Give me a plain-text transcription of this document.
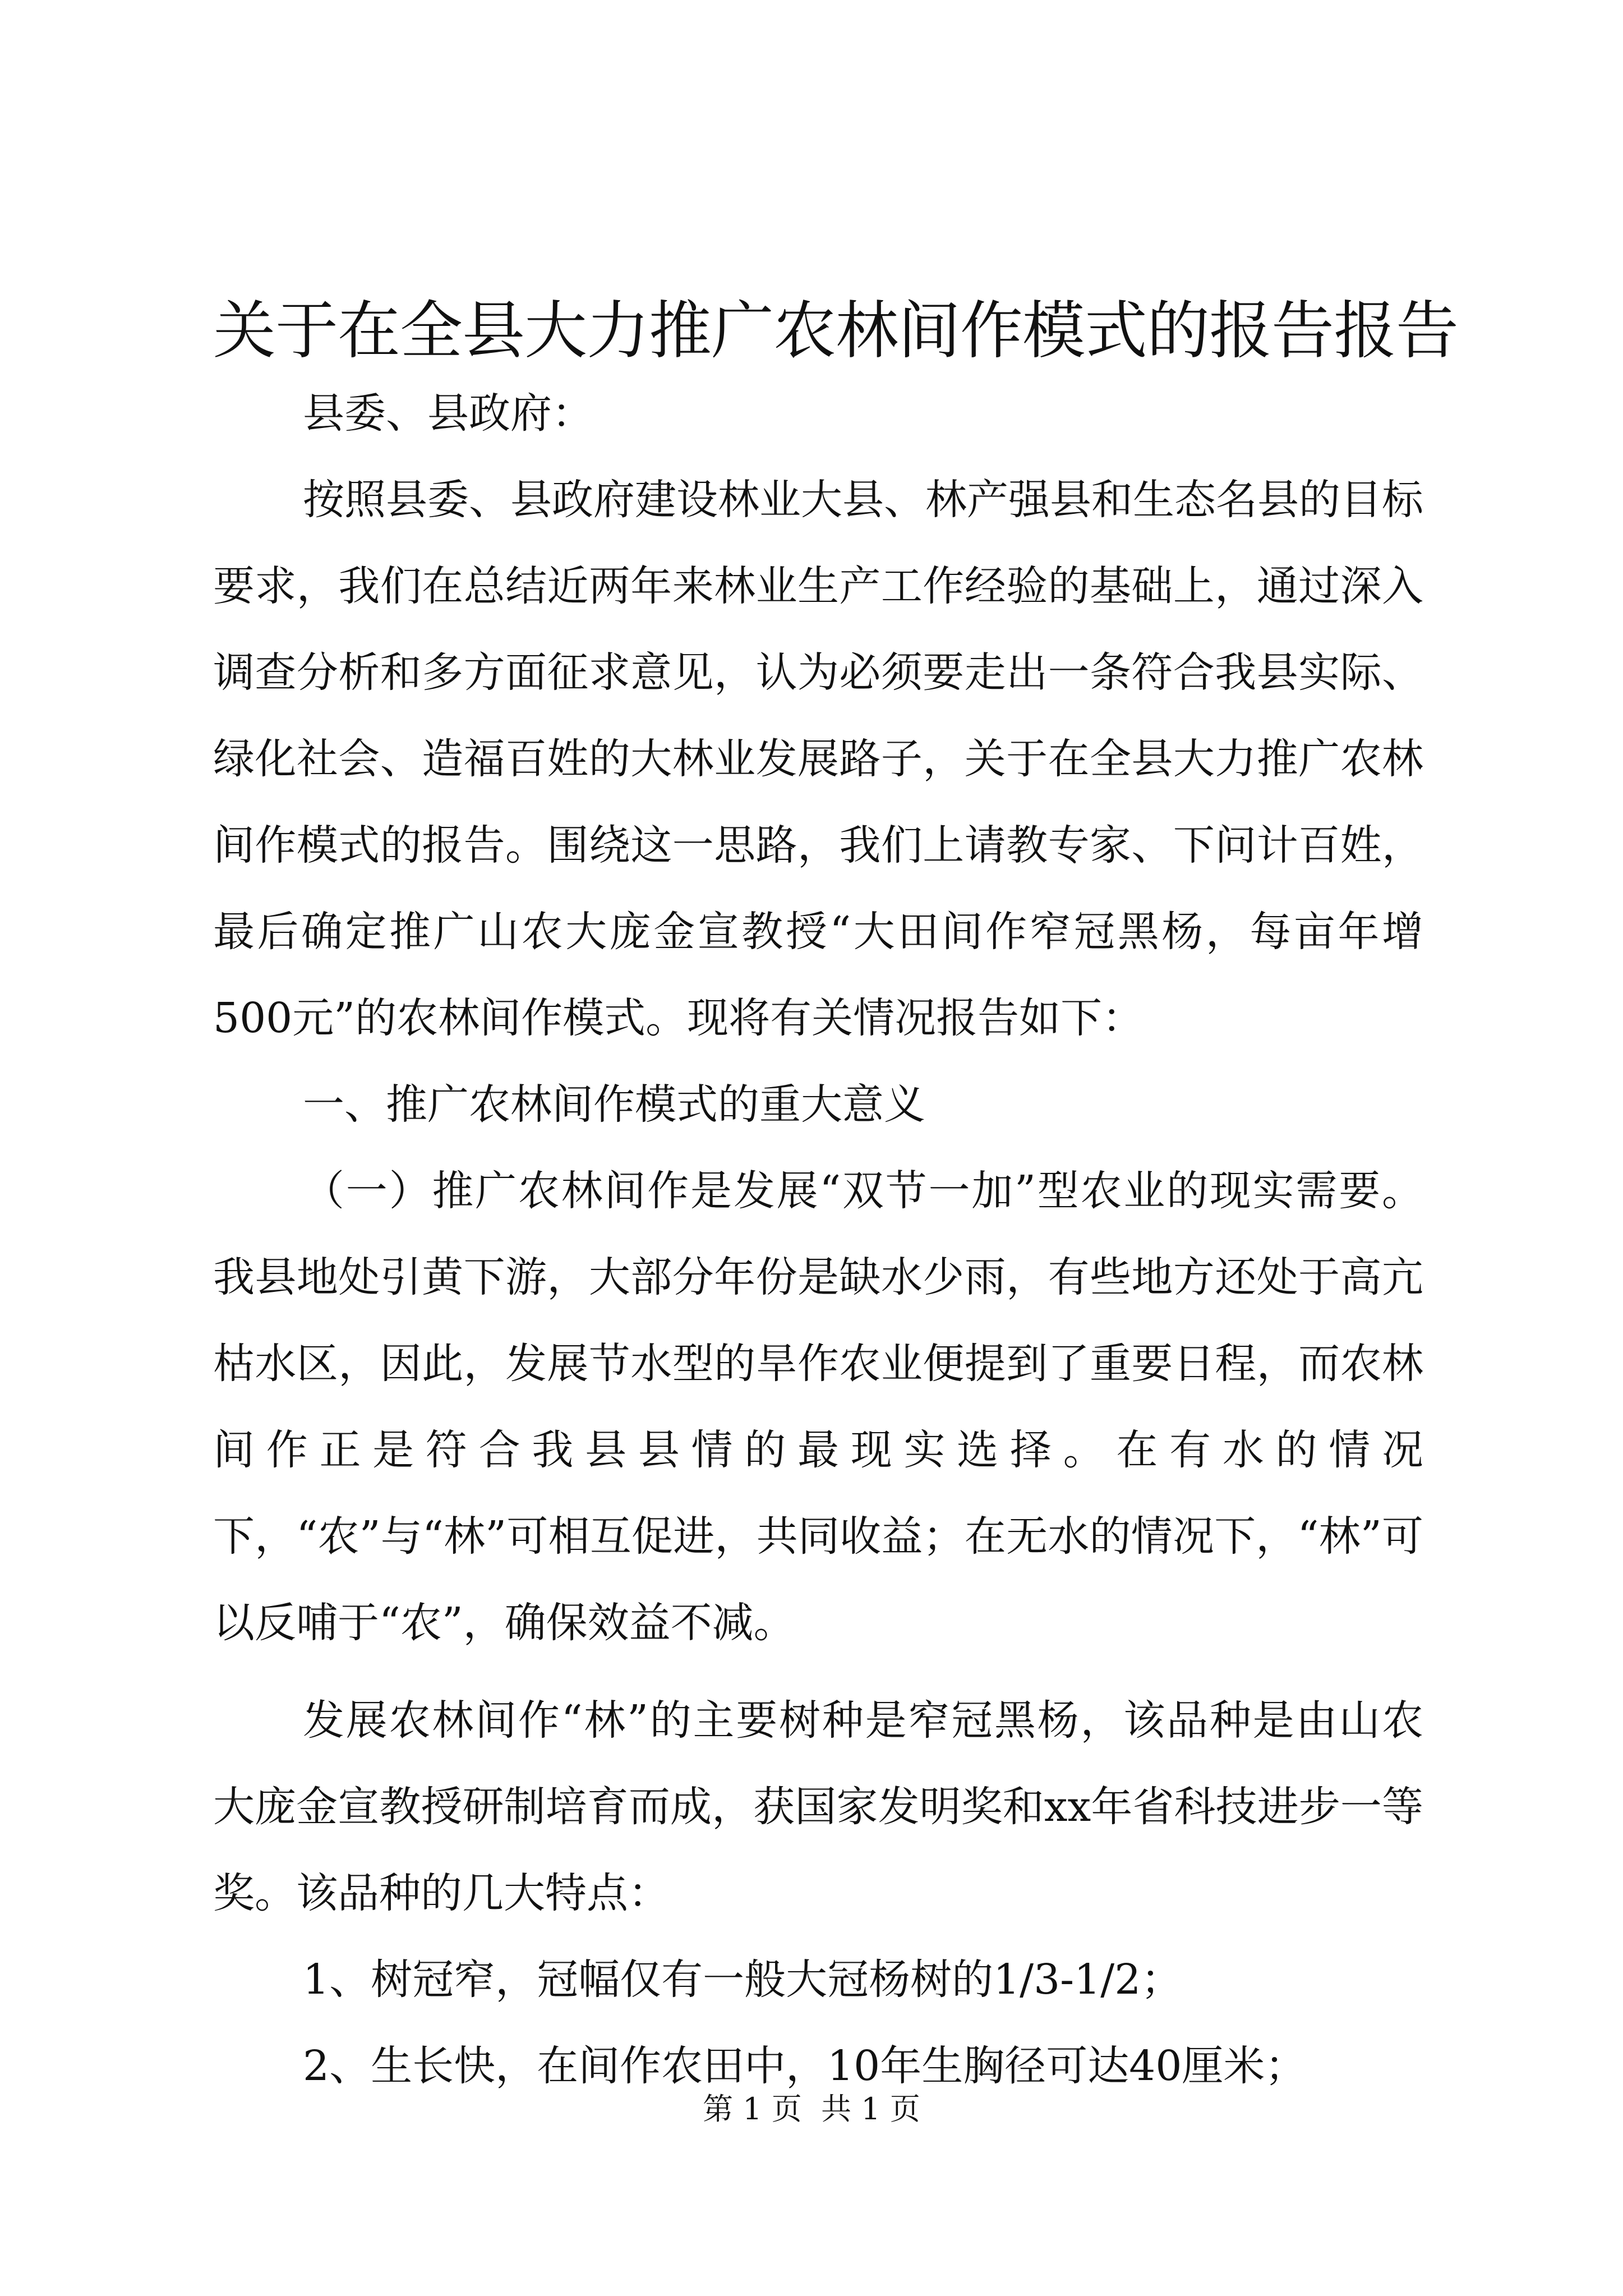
关于在全县大力推广农林间作模式的报告报告

县委、县政府：

按照县委、县政府建设林业大县、林产强县和生态名县的目标要求，我们在总结近两年来林业生产工作经验的基础上，通过深入调查分析和多方面征求意见，认为必须要走出一条符合我县实际、绿化社会、造福百姓的大林业发展路子，关于在全县大力推广农林间作模式的报告。围绕这一思路，我们上请教专家、下问计百姓，最后确定推广山农大庞金宣教授“大田间作窄冠黑杨，每亩年增500元”的农林间作模式。现将有关情况报告如下：

一、推广农林间作模式的重大意义

（一）推广农林间作是发展“双节一加”型农业的现实需要。我县地处引黄下游，大部分年份是缺水少雨，有些地方还处于高亢枯水区，因此，发展节水型的旱作农业便提到了重要日程，而农林间作正是符合我县县情的最现实选择。在有水的情况下，“农”与“林”可相互促进，共同收益；在无水的情况下，“林”可以反哺于“农”，确保效益不减。

发展农林间作“林”的主要树种是窄冠黑杨，该品种是由山农大庞金宣教授研制培育而成，获国家发明奖和xx年省科技进步一等奖。该品种的几大特点：

1、树冠窄，冠幅仅有一般大冠杨树的1/3-1/2；

2、生长快，在间作农田中，10年生胸径可达40厘米；

第 1 页  共 1 页
